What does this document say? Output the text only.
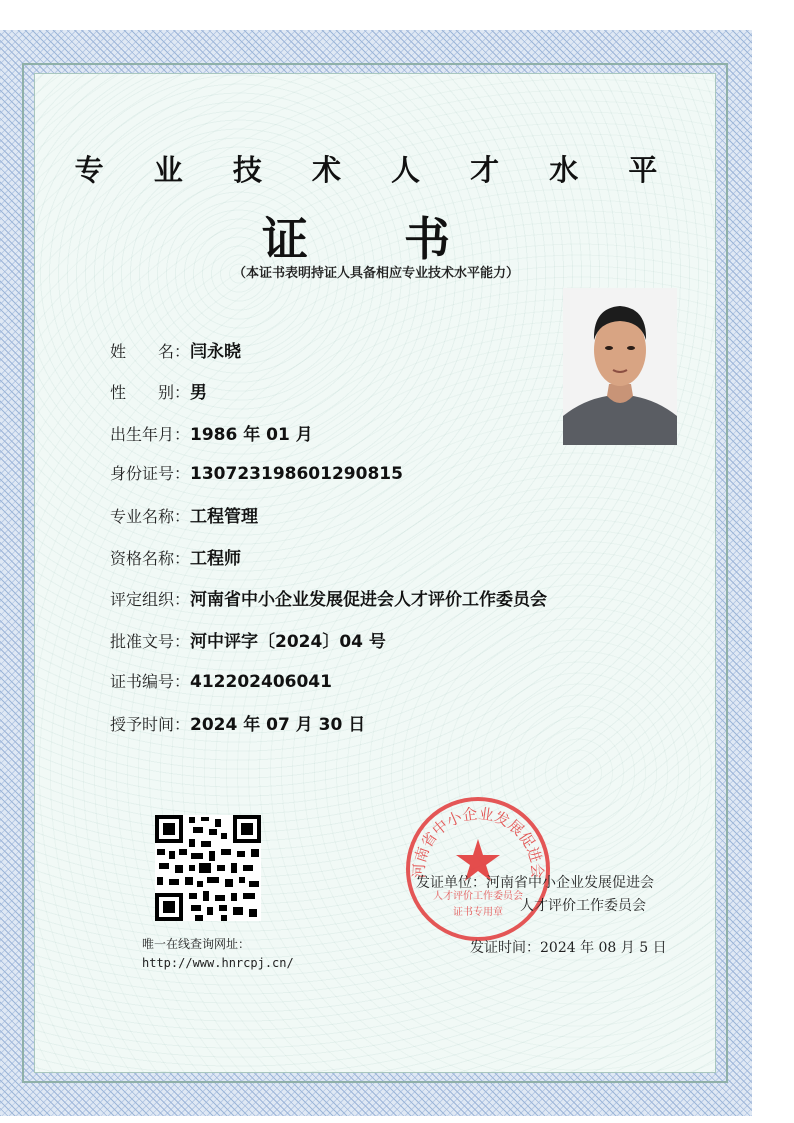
专 业 技 术 人 才 水 平
证 书
（本证书表明持证人具备相应专业技术水平能力）
姓　　名：闫永晓
性　　别：男
出生年月：1986 年 01 月
身份证号：130723198601290815
专业名称：工程管理
资格名称：工程师
评定组织：河南省中小企业发展促进会人才评价工作委员会
批准文号：河中评字〔2024〕04 号
证书编号：412202406041
授予时间：2024 年 07 月 30 日
唯一在线查询网址：
http://www.hnrcpj.cn/
河南省中小企业发展促进会
人才评价工作委员会
证书专用章
发证单位：河南省中小企业发展促进会
人才评价工作委员会
发证时间：2024 年 08 月 5 日
